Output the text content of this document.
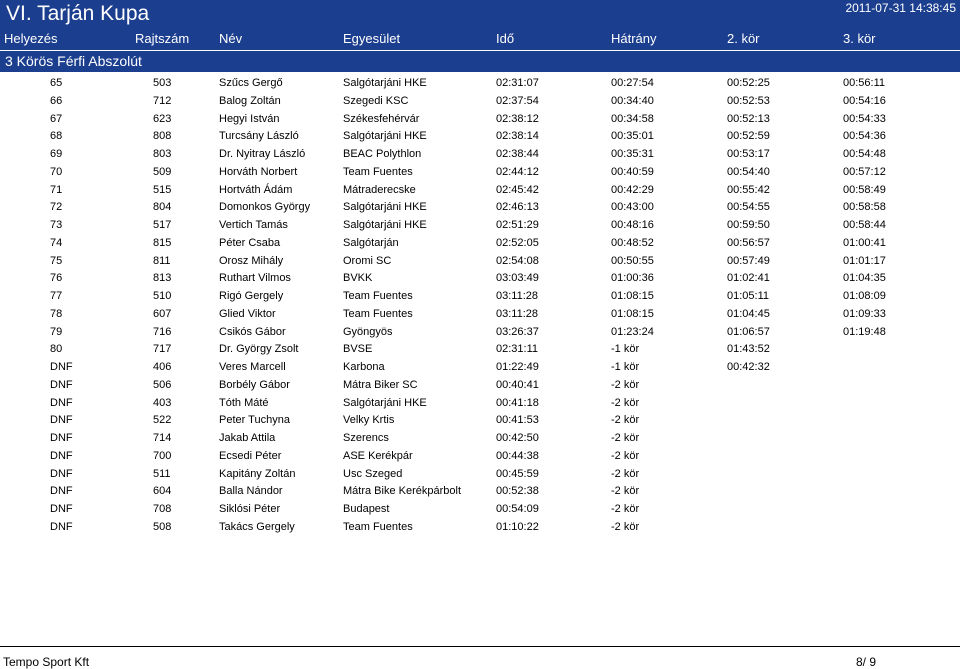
VI. Tarján Kupa	2011-07-31 14:38:45
Helyezés	Rajtszám Név	Egyesület	Idő	Hátrány	2. kör	3. kör
3 Körös Férfi Abszolút
65	503	Szűcs Gergő	Salgótarjáni HKE	02:31:07	00:27:54	00:52:25	00:56:11
66	712	Balog Zoltán	Szegedi KSC	02:37:54	00:34:40	00:52:53	00:54:16
67	623	Hegyi István	Székesfehérvár	02:38:12	00:34:58	00:52:13	00:54:33
68	808	Turcsány László	Salgótarjáni HKE	02:38:14	00:35:01	00:52:59	00:54:36
69	803	Dr. Nyitray László	BEAC Polythlon	02:38:44	00:35:31	00:53:17	00:54:48
70	509	Horváth Norbert	Team Fuentes	02:44:12	00:40:59	00:54:40	00:57:12
71	515	Hortváth Ádám	Mátraderecske	02:45:42	00:42:29	00:55:42	00:58:49
72	804	Domonkos György	Salgótarjáni HKE	02:46:13	00:43:00	00:54:55	00:58:58
73	517	Vertich Tamás	Salgótarjáni HKE	02:51:29	00:48:16	00:59:50	00:58:44
74	815	Péter Csaba	Salgótarján	02:52:05	00:48:52	00:56:57	01:00:41
75	811	Orosz Mihály	Oromi SC	02:54:08	00:50:55	00:57:49	01:01:17
76	813	Ruthart Vilmos	BVKK	03:03:49	01:00:36	01:02:41	01:04:35
77	510	Rigó Gergely	Team Fuentes	03:11:28	01:08:15	01:05:11	01:08:09
78	607	Glied Viktor	Team Fuentes	03:11:28	01:08:15	01:04:45	01:09:33
79	716	Csikós Gábor	Gyöngyös	03:26:37	01:23:24	01:06:57	01:19:48
80	717	Dr. György Zsolt	BVSE	02:31:11	-1 kör	01:43:52
DNF	406	Veres Marcell	Karbona	01:22:49	-1 kör	00:42:32
DNF	506	Borbély Gábor	Mátra Biker SC	00:40:41	-2 kör
DNF	403	Tóth Máté	Salgótarjáni HKE	00:41:18	-2 kör
DNF	522	Peter Tuchyna	Velky Krtis	00:41:53	-2 kör
DNF	714	Jakab Attila	Szerencs	00:42:50	-2 kör
DNF	700	Ecsedi Péter	ASE Kerékpár	00:44:38	-2 kör
DNF	511	Kapitány Zoltán	Usc Szeged	00:45:59	-2 kör
DNF	604	Balla Nándor	Mátra Bike Kerékpárbolt	00:52:38	-2 kör
DNF	708	Siklósi Péter	Budapest	00:54:09	-2 kör
DNF	508	Takács Gergely	Team Fuentes	01:10:22	-2 kör
Tempo Sport Kft	8/ 9
